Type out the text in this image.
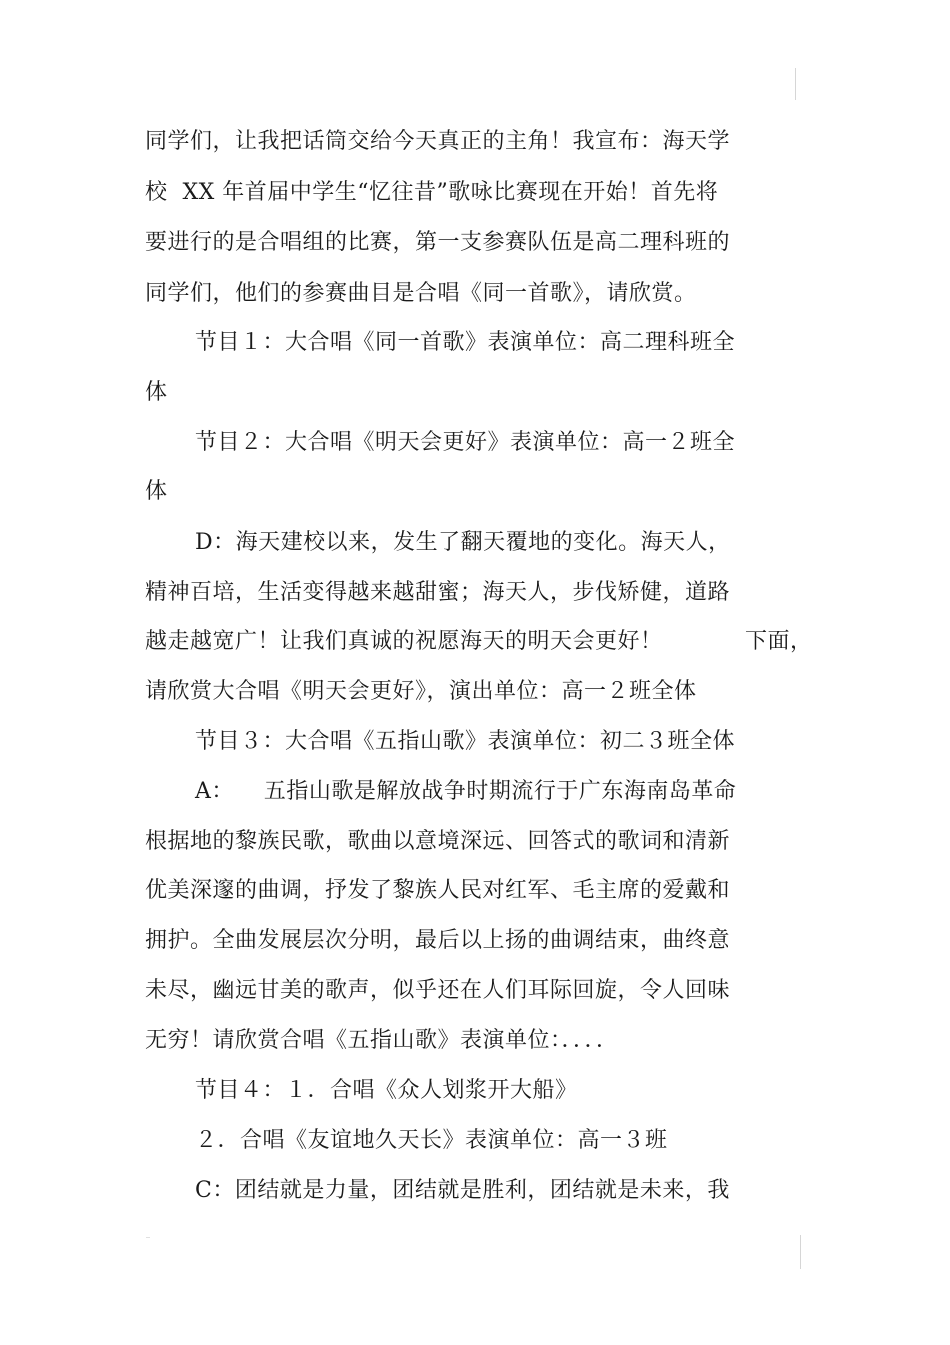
同学们，让我把话筒交给今天真正的主角！我宣布：海天学
校  XX 年首届中学生“忆往昔”歌咏比赛现在开始！首先将
要进行的是合唱组的比赛，第一支参赛队伍是高二理科班的
同学们，他们的参赛曲目是合唱《同一首歌》，请欣赏。
节目１：大合唱《同一首歌》表演单位：高二理科班全
体
节目２：大合唱《明天会更好》表演单位：高一２班全
体
D：海天建校以来，发生了翻天覆地的变化。海天人，
精神百培，生活变得越来越甜蜜；海天人，步伐矫健，道路
越走越宽广！让我们真诚的祝愿海天的明天会更好！	下面，
请欣赏大合唱《明天会更好》，演出单位：高一２班全体
节目３：大合唱《五指山歌》表演单位：初二３班全体
A：    五指山歌是解放战争时期流行于广东海南岛革命
根据地的黎族民歌，歌曲以意境深远、回答式的歌词和清新
优美深邃的曲调，抒发了黎族人民对红军、毛主席的爱戴和
拥护。全曲发展层次分明，最后以上扬的曲调结束，曲终意
未尽，幽远甘美的歌声，似乎还在人们耳际回旋，令人回味
无穷！请欣赏合唱《五指山歌》表演单位：．．．．
节目４：１．合唱《众人划浆开大船》
２．合唱《友谊地久天长》表演单位：高一３班
C：团结就是力量，团结就是胜利，团结就是未来，我
